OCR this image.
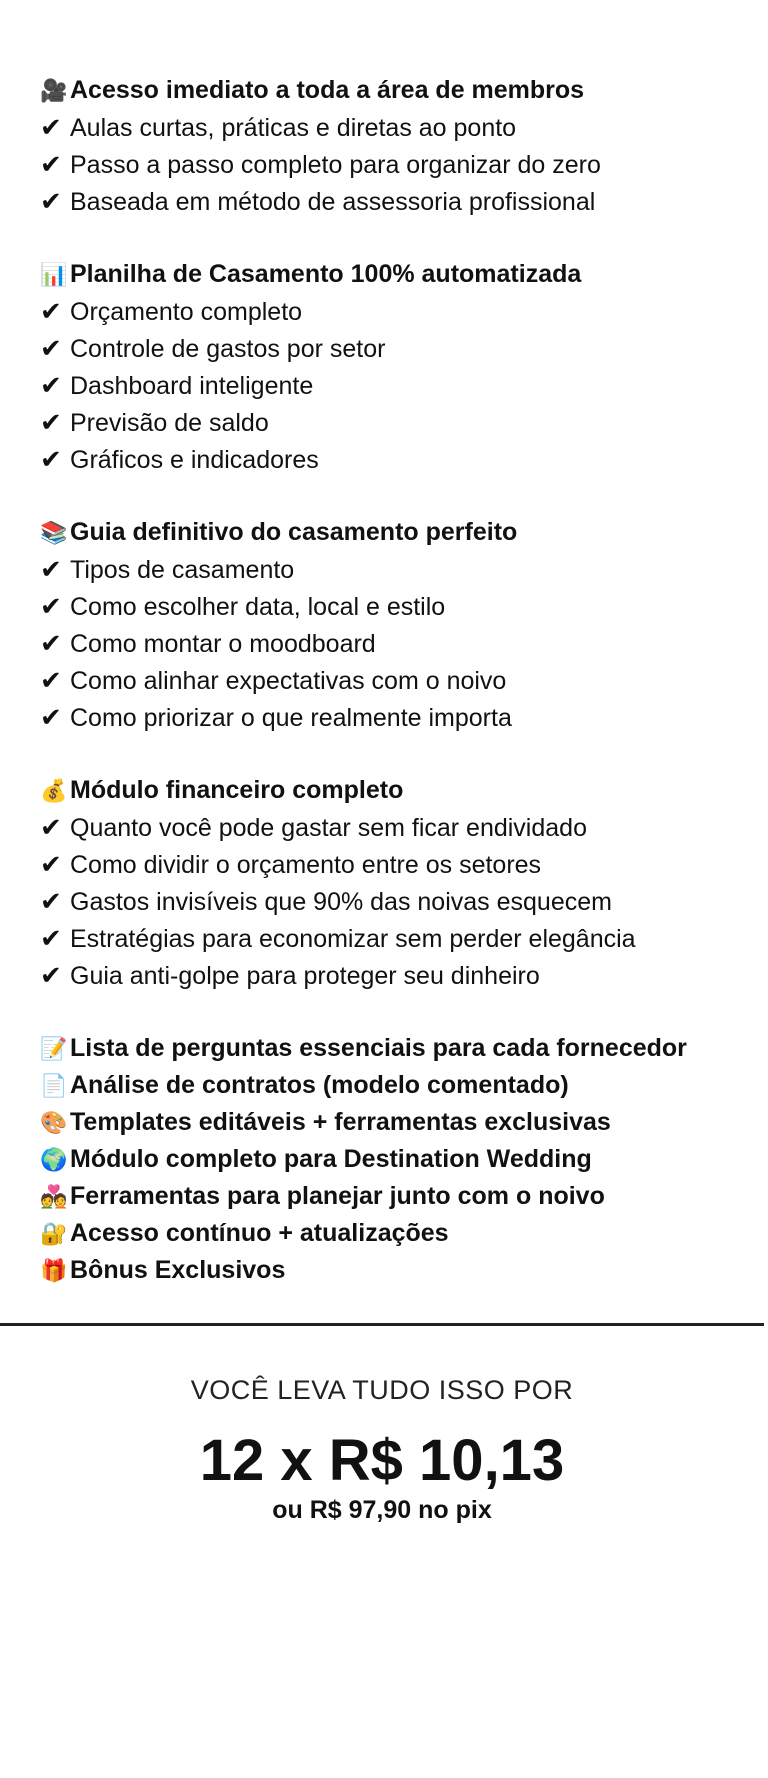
🎥 Acesso imediato a toda a área de membros
✔ Aulas curtas, práticas e diretas ao ponto
✔ Passo a passo completo para organizar do zero
✔ Baseada em método de assessoria profissional
📊 Planilha de Casamento 100% automatizada
✔ Orçamento completo
✔ Controle de gastos por setor
✔ Dashboard inteligente
✔ Previsão de saldo
✔ Gráficos e indicadores
📚 Guia definitivo do casamento perfeito
✔ Tipos de casamento
✔ Como escolher data, local e estilo
✔ Como montar o moodboard
✔ Como alinhar expectativas com o noivo
✔ Como priorizar o que realmente importa
💰 Módulo financeiro completo
✔ Quanto você pode gastar sem ficar endividado
✔ Como dividir o orçamento entre os setores
✔ Gastos invisíveis que 90% das noivas esquecem
✔ Estratégias para economizar sem perder elegância
✔ Guia anti-golpe para proteger seu dinheiro
📝 Lista de perguntas essenciais para cada fornecedor
📄 Análise de contratos (modelo comentado)
🎨 Templates editáveis + ferramentas exclusivas
🌍 Módulo completo para Destination Wedding
💑 Ferramentas para planejar junto com o noivo
🔐 Acesso contínuo + atualizações
🎁 Bônus Exclusivos
VOCÊ LEVA TUDO ISSO POR
12 x R$ 10,13
ou R$ 97,90 no pix
